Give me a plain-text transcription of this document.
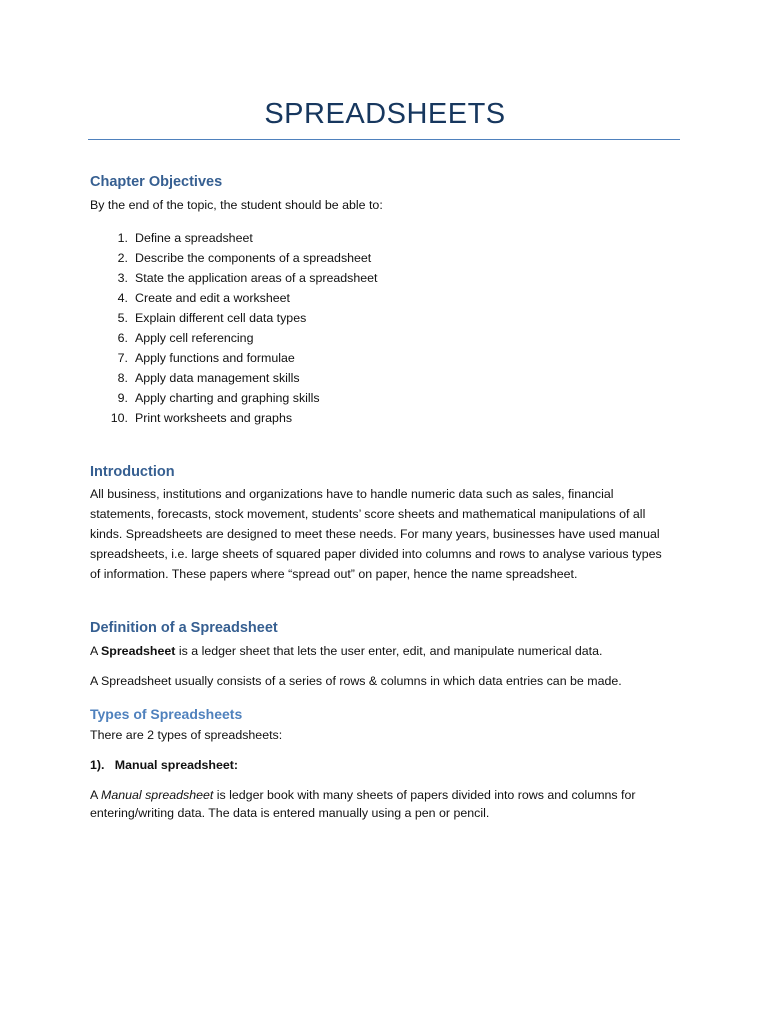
SPREADSHEETS
Chapter Objectives
By the end of the topic, the student should be able to:
1. Define a spreadsheet
2. Describe the components of a spreadsheet
3. State the application areas of a spreadsheet
4. Create and edit a worksheet
5. Explain different cell data types
6. Apply cell referencing
7. Apply functions and formulae
8. Apply data management skills
9. Apply charting and graphing skills
10. Print worksheets and graphs
Introduction
All business, institutions and organizations have to handle numeric data such as sales, financial
statements, forecasts, stock movement, students’ score sheets and mathematical manipulations of all
kinds. Spreadsheets are designed to meet these needs. For many years, businesses have used manual
spreadsheets, i.e. large sheets of squared paper divided into columns and rows to analyse various types
of information. These papers where “spread out” on paper, hence the name spreadsheet.
Definition of a Spreadsheet
A Spreadsheet is a ledger sheet that lets the user enter, edit, and manipulate numerical data.
A Spreadsheet usually consists of a series of rows & columns in which data entries can be made.
Types of Spreadsheets
There are 2 types of spreadsheets:
1).   Manual spreadsheet:
A Manual spreadsheet is ledger book with many sheets of papers divided into rows and columns for
entering/writing data. The data is entered manually using a pen or pencil.
